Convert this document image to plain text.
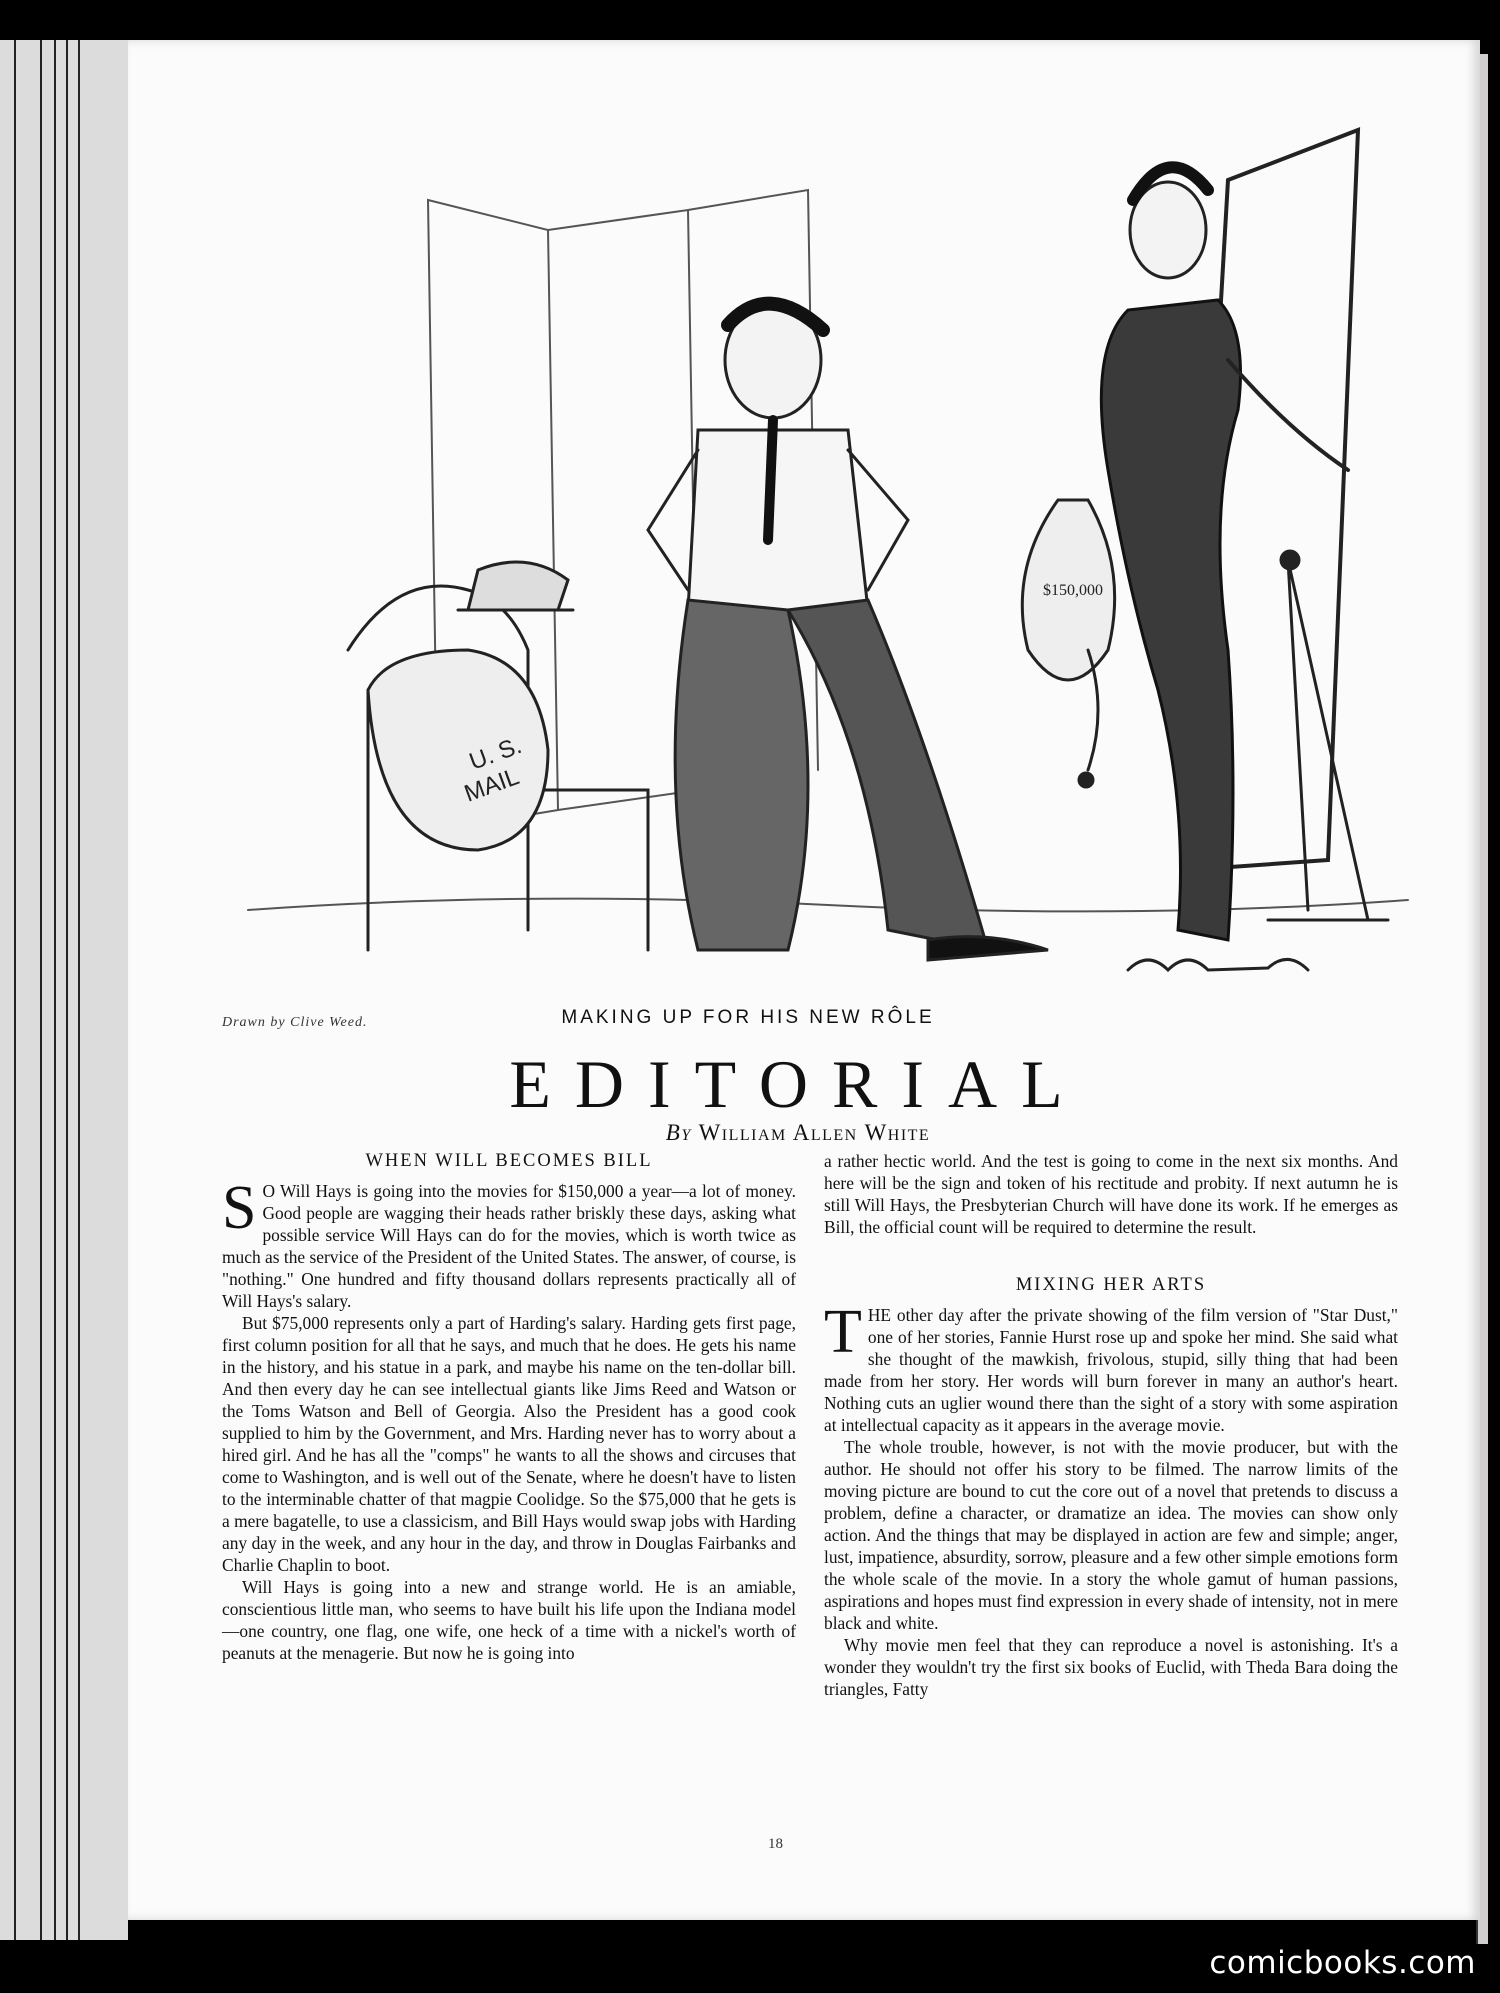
U. S.
MAIL
$150,000
Drawn by Clive Weed.	MAKING UP FOR HIS NEW RÔLE
EDITORIAL
By William Allen White
WHEN WILL BECOMES BILL

S O Will Hays is going into the movies for $150,000 a year—a lot of money. Good people are wagging their heads rather briskly these days, asking what possible service Will Hays can do for the movies, which is worth twice as much as the service of the President of the United States. The answer, of course, is "nothing." One hundred and fifty thousand dollars represents practically all of Will Hays's salary.

But $75,000 represents only a part of Harding's salary. Harding gets first page, first column position for all that he says, and much that he does. He gets his name in the history, and his statue in a park, and maybe his name on the ten-dollar bill. And then every day he can see intellectual giants like Jims Reed and Watson or the Toms Watson and Bell of Georgia. Also the President has a good cook supplied to him by the Government, and Mrs. Harding never has to worry about a hired girl. And he has all the "comps" he wants to all the shows and circuses that come to Washington, and is well out of the Senate, where he doesn't have to listen to the interminable chatter of that magpie Coolidge. So the $75,000 that he gets is a mere bagatelle, to use a classicism, and Bill Hays would swap jobs with Harding any day in the week, and any hour in the day, and throw in Douglas Fairbanks and Charlie Chaplin to boot.

Will Hays is going into a new and strange world. He is an amiable, conscientious little man, who seems to have built his life upon the Indiana model—one country, one flag, one wife, one heck of a time with a nickel's worth of peanuts at the menagerie. But now he is going into

a rather hectic world. And the test is going to come in the next six months. And here will be the sign and token of his rectitude and probity. If next autumn he is still Will Hays, the Presbyterian Church will have done its work. If he emerges as Bill, the official count will be required to determine the result.

MIXING HER ARTS

THE other day after the private showing of the film version of "Star Dust," one of her stories, Fannie Hurst rose up and spoke her mind. She said what she thought of the mawkish, frivolous, stupid, silly thing that had been made from her story. Her words will burn forever in many an author's heart. Nothing cuts an uglier wound there than the sight of a story with some aspiration at intellectual capacity as it appears in the average movie.

The whole trouble, however, is not with the movie producer, but with the author. He should not offer his story to be filmed. The narrow limits of the moving picture are bound to cut the core out of a novel that pretends to discuss a problem, define a character, or dramatize an idea. The movies can show only action. And the things that may be displayed in action are few and simple; anger, lust, impatience, absurdity, sorrow, pleasure and a few other simple emotions form the whole scale of the movie. In a story the whole gamut of human passions, aspirations and hopes must find expression in every shade of intensity, not in mere black and white.

Why movie men feel that they can reproduce a novel is astonishing. It's a wonder they wouldn't try the first six books of Euclid, with Theda Bara doing the triangles, Fatty

18
comicbooks.com
